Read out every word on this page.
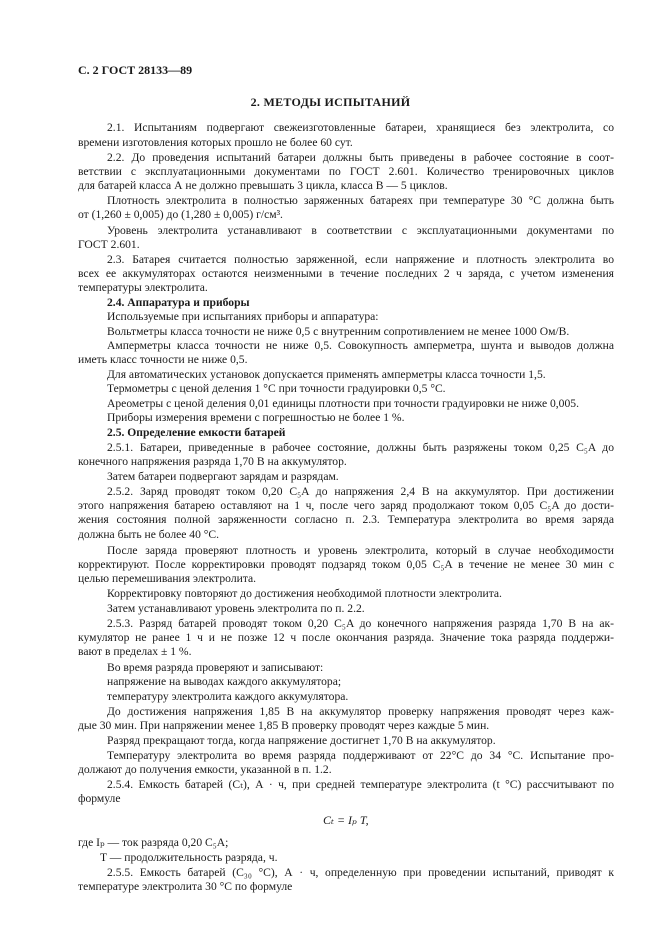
С. 2 ГОСТ 28133—89
2. МЕТОДЫ ИСПЫТАНИЙ
2.1. Испытаниям подвергают свежеизготовленные батареи, хранящиеся без электролита, со
времени изготовления которых прошло не более 60 сут.
2.2. До проведения испытаний батареи должны быть приведены в рабочее состояние в соот-
ветствии с эксплуатационными документами по ГОСТ 2.601. Количество тренировочных циклов
для батарей класса А не должно превышать 3 цикла, класса В — 5 циклов.
Плотность электролита в полностью заряженных батареях при температуре 30 °С должна быть
от (1,260 ± 0,005) до (1,280 ± 0,005) г/см³.
Уровень электролита устанавливают в соответствии с эксплуатационными документами по
ГОСТ 2.601.
2.3. Батарея считается полностью заряженной, если напряжение и плотность электролита во
всех ее аккумуляторах остаются неизменными в течение последних 2 ч заряда, с учетом изменения
температуры электролита.
2.4. Аппаратура и приборы
Используемые при испытаниях приборы и аппаратура:
Вольтметры класса точности не ниже 0,5 с внутренним сопротивлением не менее 1000 Ом/В.
Амперметры класса точности не ниже 0,5. Совокупность амперметра, шунта и выводов должна
иметь класс точности не ниже 0,5.
Для автоматических установок допускается применять амперметры класса точности 1,5.
Термометры с ценой деления 1 °С при точности градуировки 0,5 °С.
Ареометры с ценой деления 0,01 единицы плотности при точности градуировки не ниже 0,005.
Приборы измерения времени с погрешностью не более 1 %.
2.5. Определение емкости батарей
2.5.1. Батареи, приведенные в рабочее состояние, должны быть разряжены током 0,25 C₅A до
конечного напряжения разряда 1,70 В на аккумулятор.
Затем батареи подвергают зарядам и разрядам.
2.5.2. Заряд проводят током 0,20 C₅A до напряжения 2,4 В на аккумулятор. При достижении
этого напряжения батарею оставляют на 1 ч, после чего заряд продолжают током 0,05 C₅A до дости-
жения состояния полной заряженности согласно п. 2.3. Температура электролита во время заряда
должна быть не более 40 °С.
После заряда проверяют плотность и уровень электролита, который в случае необходимости
корректируют. После корректировки проводят подзаряд током 0,05 C₅A в течение не менее 30 мин с
целью перемешивания электролита.
Корректировку повторяют до достижения необходимой плотности электролита.
Затем устанавливают уровень электролита по п. 2.2.
2.5.3. Разряд батарей проводят током 0,20 C₅A до конечного напряжения разряда 1,70 В на ак-
кумулятор не ранее 1 ч и не позже 12 ч после окончания разряда. Значение тока разряда поддержи-
вают в пределах ± 1 %.
Во время разряда проверяют и записывают:
напряжение на выводах каждого аккумулятора;
температуру электролита каждого аккумулятора.
До достижения напряжения 1,85 В на аккумулятор проверку напряжения проводят через каж-
дые 30 мин. При напряжении менее 1,85 В проверку проводят через каждые 5 мин.
Разряд прекращают тогда, когда напряжение достигнет 1,70 В на аккумулятор.
Температуру электролита во время разряда поддерживают от 22°С до 34 °С. Испытание про-
должают до получения емкости, указанной в п. 1.2.
2.5.4. Емкость батарей (Cₜ), А · ч, при средней температуре электролита (t °С) рассчитывают по
формуле
Cₜ = Iₚ T,
где Iₚ — ток разряда 0,20 C₅A;
T — продолжительность разряда, ч.
2.5.5. Емкость батарей (C₃₀ °С), А · ч, определенную при проведении испытаний, приводят к
температуре электролита 30 °С по формуле
